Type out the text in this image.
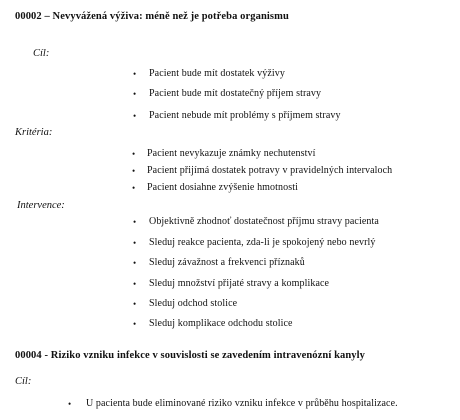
00002 – Nevyvážená výživa: méně než je potřeba organismu
Cíl:
• Pacient bude mít dostatek výživy
• Pacient bude mít dostatečný příjem stravy
• Pacient nebude mít problémy s příjmem stravy
Kritéria:
• Pacient nevykazuje známky nechutenství
• Pacient přijímá dostatek potravy v pravidelných intervaloch
• Pacient dosiahne zvýšenie hmotnosti
Intervence:
• Objektivně zhodnoť dostatečnost příjmu stravy pacienta
• Sleduj reakce pacienta, zda-li je spokojený nebo nevrlý
• Sleduj závažnost a frekvenci příznaků
• Sleduj množství přijaté stravy a komplikace
• Sleduj odchod stolice
• Sleduj komplikace odchodu stolice
00004 - Riziko vzniku infekce v souvislosti se zavedením intravenózní kanyly
Cíl:
• U pacienta bude eliminované riziko vzniku infekce v průběhu hospitalizace.
